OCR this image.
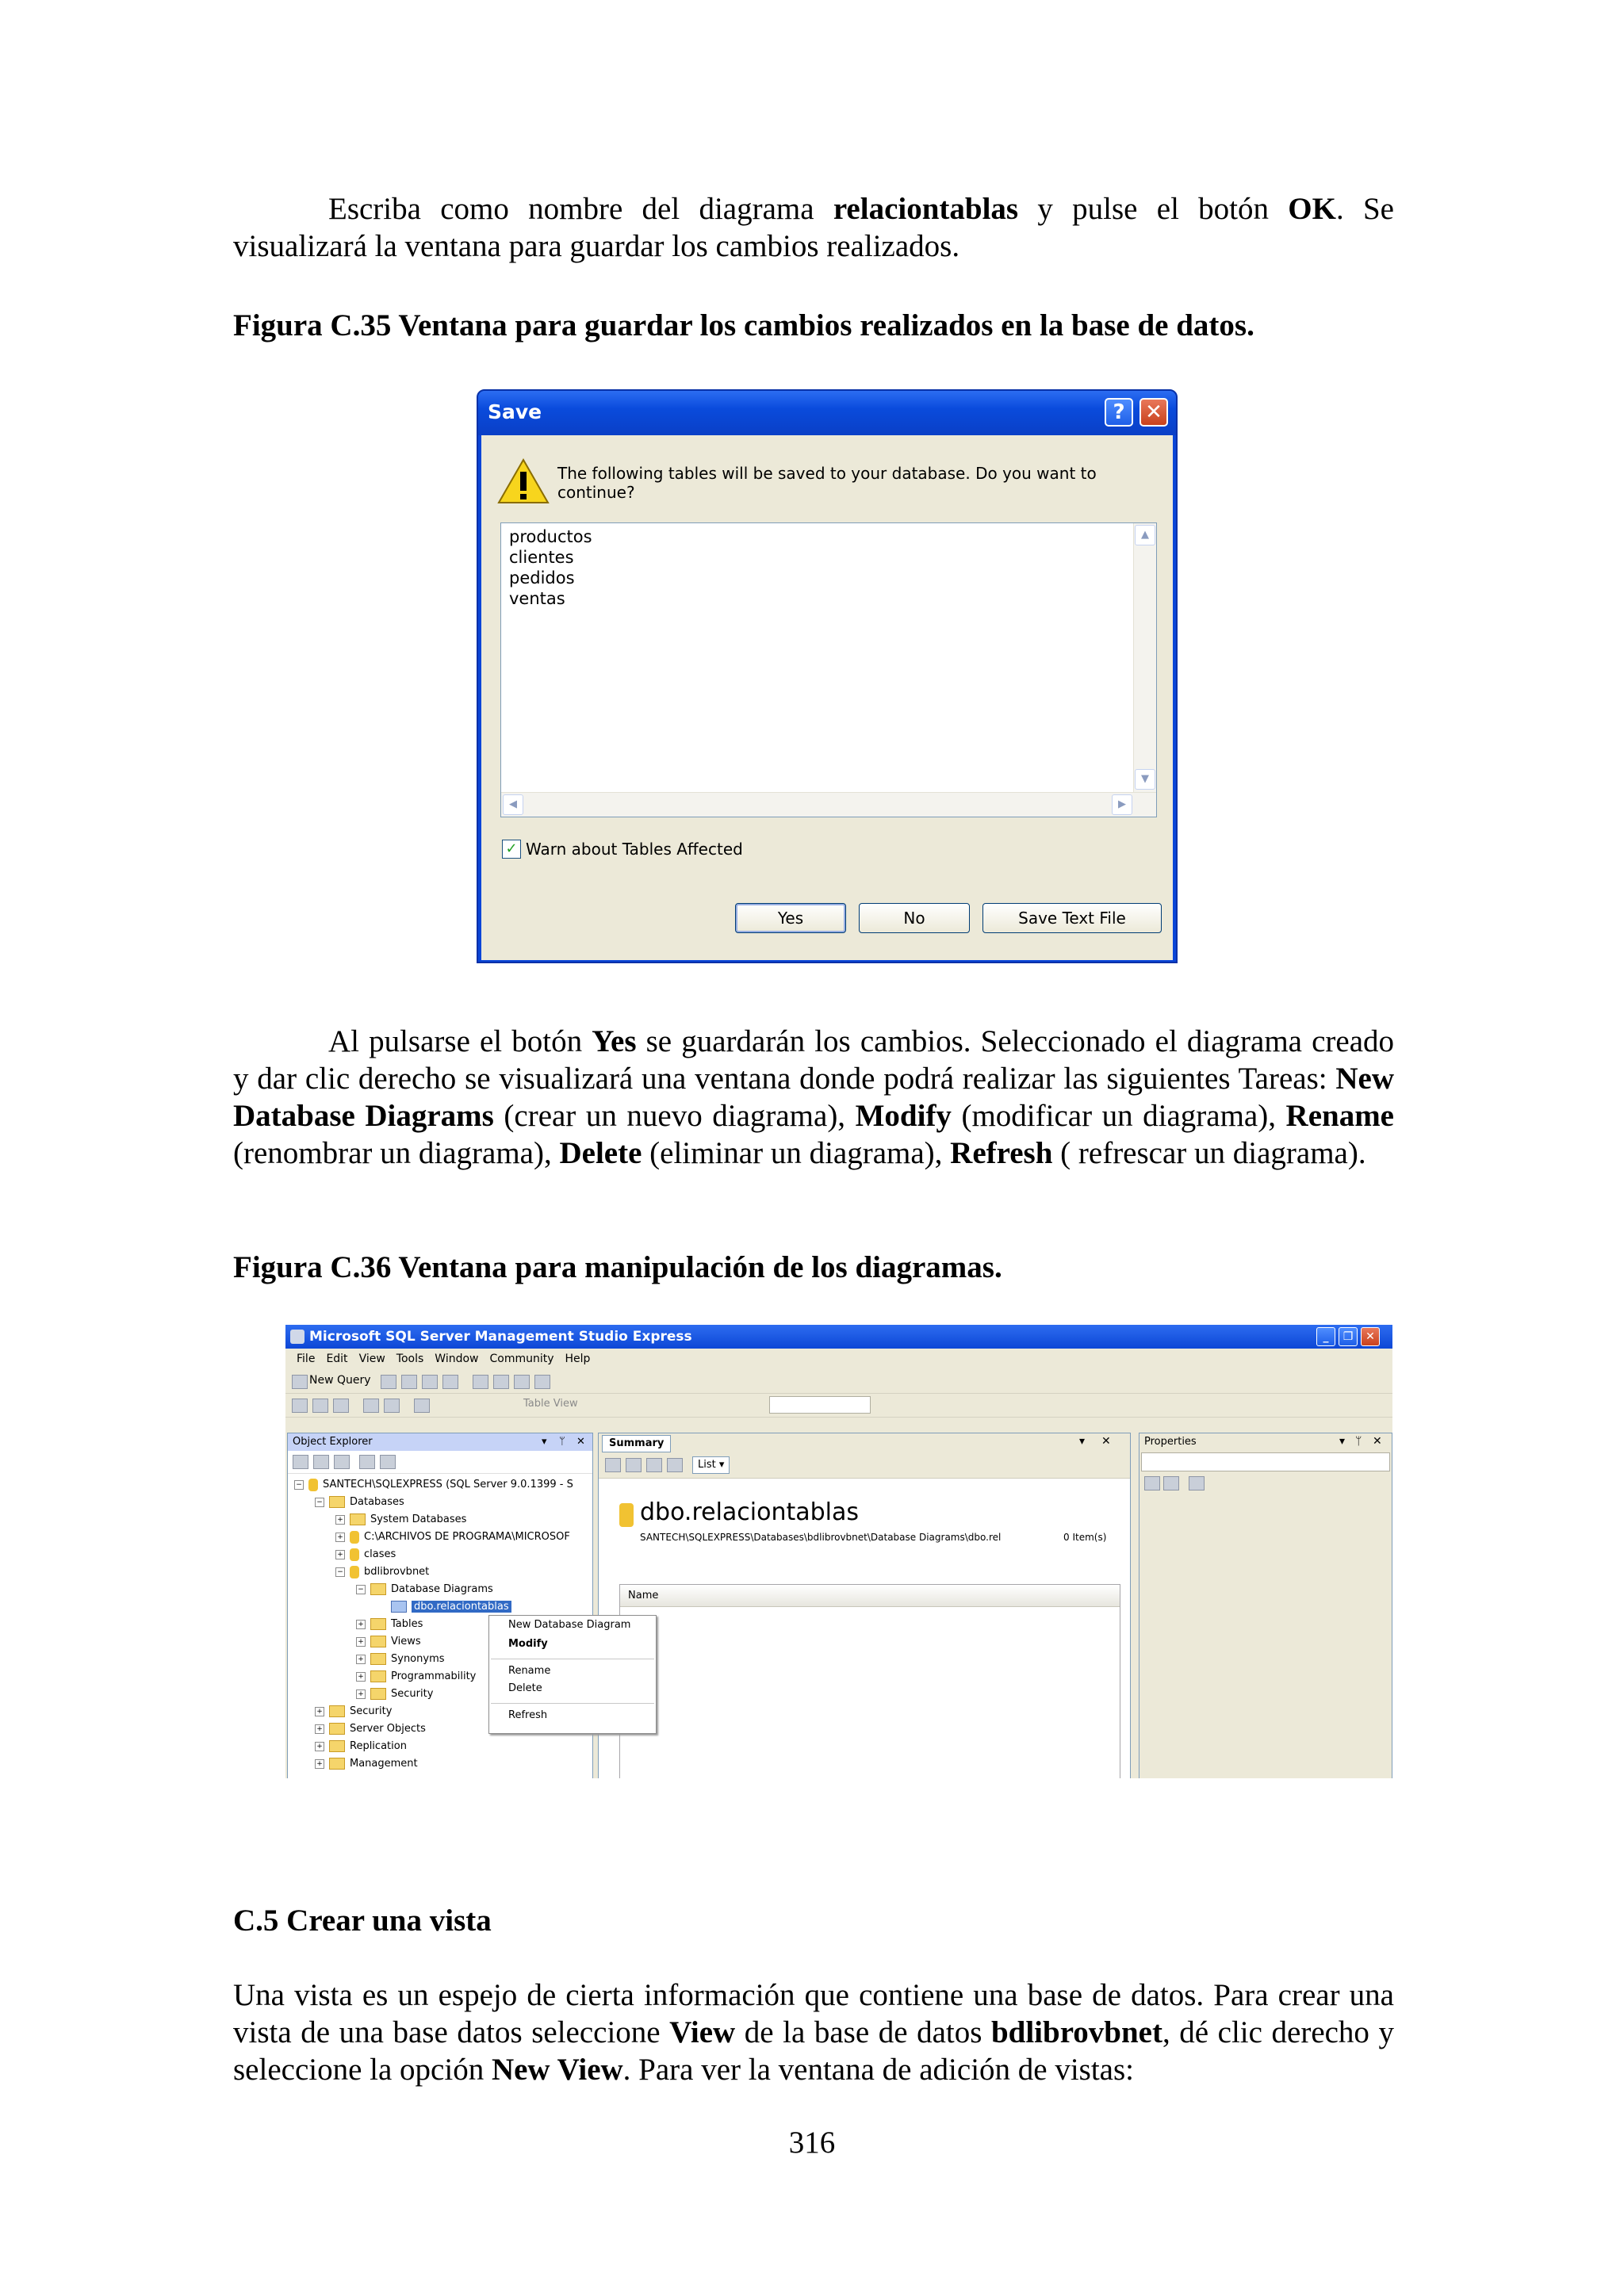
Escriba como nombre del diagrama relaciontablas y pulse el botón OK. Se visualizará la ventana para guardar los cambios realizados.

Figura C.35 Ventana para guardar los cambios realizados en la base de datos.
Save	? ✕
The following tables will be saved to your database. Do you want to continue?
productos
clientes
pedidos
ventas
▲
▼
◀	▶
✓ Warn about Tables Affected
Yes	No	Save Text File

Al pulsarse el botón Yes se guardarán los cambios. Seleccionado el diagrama creado y dar clic derecho se visualizará una ventana donde podrá realizar las siguientes Tareas: New Database Diagrams (crear un nuevo diagrama), Modify (modificar un diagrama), Rename (renombrar un diagrama), Delete (eliminar un diagrama), Refresh ( refrescar un diagrama).

Figura C.36 Ventana para manipulación de los diagramas.
Microsoft SQL Server Management Studio Express	_	❐	✕
File Edit View Tools Window Community Help
New Query
Table View
Object Explorer	▾ ᛘ ✕
− SANTECH\SQLEXPRESS (SQL Server 9.0.1399 - S
−	Databases
+	System Databases
+ C:\ARCHIVOS DE PROGRAMA\MICROSOF
+ clases
− bdlibrovbnet
−	Database Diagrams
dbo.relaciontablas
+	Tables
+	Views
+	Synonyms
+	Programmability
+	Security
+	Security
+	Server Objects
+	Replication
+	Management
Summary	▾ ✕
List ▾
dbo.relaciontablas
SANTECH\SQLEXPRESS\Databases\bdlibrovbnet\Database Diagrams\dbo.rel	0 Item(s)
Name
Properties	▾ ᛘ ✕
New Database Diagram
Modify
Rename
Delete
Refresh
C.5 Crear una vista

Una vista es un espejo de cierta información que contiene una base de datos. Para crear una vista de una base datos seleccione View de la base de datos bdlibrovbnet, dé clic derecho y seleccione la opción New View. Para ver la ventana de adición de vistas:

316
